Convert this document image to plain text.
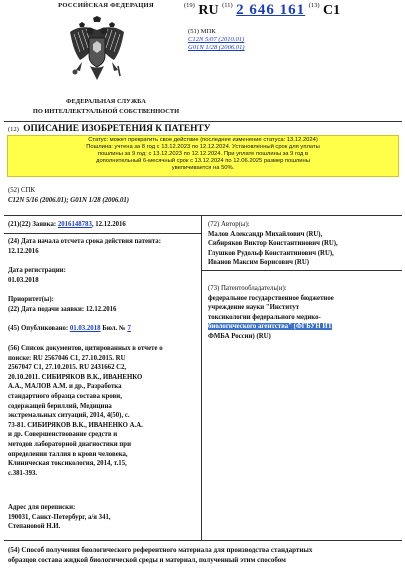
РОССИЙСКАЯ ФЕДЕРАЦИЯ
ФЕДЕРАЛЬНАЯ СЛУЖБА
ПО ИНТЕЛЛЕКТУАЛЬНОЙ СОБСТВЕННОСТИ
$^{(19)}$ RU $^{(11)}$ 2 646 161 $^{(13)}$ C1
(51) МПК
C12N 5/07 (2010.01)
G01N 1/28 (2006.01)
(12) ОПИСАНИЕ ИЗОБРЕТЕНИЯ К ПАТЕНТУ
Статус: может прекратить свое действие (последнее изменение статуса: 13.12.2024)
Пошлина: учтена за 8 год с 13.12.2023 по 12.12.2024. Установленный срок для уплаты
пошлины за 9 год: с 13.12.2023 по 12.12.2024. При уплате пошлины за 9 год в
дополнительный 6-месячный срок с 13.12.2024 по 12.06.2025 размер пошлины
увеличивается на 50%.
(52) СПК
C12N 5/16 (2006.01); G01N 1/28 (2006.01)
(21)(22) Заявка: 2016148783, 12.12.2016
(24) Дата начала отсчета срока действия патента:
12.12.2016
Дата регистрации:
01.03.2018
Приоритет(ы):
(22) Дата подачи заявки: 12.12.2016
(45) Опубликовано: 01.03.2018 Бюл. № 7
(56) Список документов, цитированных в отчете о
поиске: RU 2567046 C1, 27.10.2015. RU
2567047 C1, 27.10.2015. RU 2431662 C2,
20.10.2011. СИБИРЯКОВ В.К., ИВАНЕНКО
А.А., МАЛОВ А.М. и др., Разработка
стандартного образца состава крови,
содержащей бериллий, Медицина
экстремальных ситуаций, 2014, 4(50), с.
73-81. СИБИРЯКОВ В.К., ИВАНЕНКО А.А.
и др. Совершенствование средств и
методов лабораторной диагностики при
определении таллия в крови человека,
Клиническая токсикология, 2014, т.15,
с.381-393.
Адрес для переписки:
190031, Санкт-Петербург, а/я 341,
Степановой Н.И.
(72) Автор(ы):
Малов Александр Михайлович (RU),
Сибиряков Виктор Константинович (RU),
Глушков Рудольф Константинович (RU),
Иванов Максим Борисович (RU)
(73) Патентообладатель(и):
федеральное государственное бюджетное
учреждение науки "Институт
токсикологии федерального медико-
биологического агентства" (ФГБУН ИТ
ФМБА России) (RU)
(54) Способ получения биологического референтного материала для производства стандартных
образцов состава жидкой биологической среды и материал, полученный этим способом
